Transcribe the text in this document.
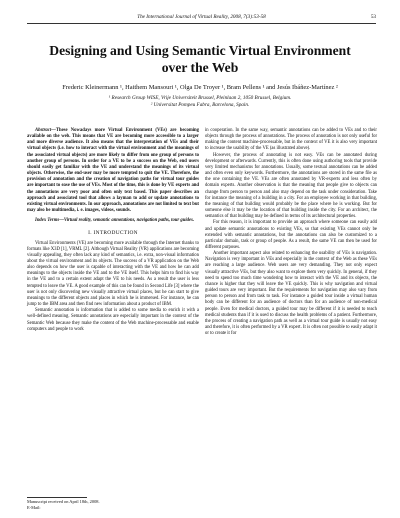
The International Journal of Virtual Reality, 2008, 7(3):53-58	53
Designing and Using Semantic Virtual Environment over the Web
Frederic Kleinermann ¹, Haithem Mansouri ¹, Olga De Troyer ¹, Bram Pellens ¹ and Jesús Ibáñez-Martínez ²
¹ Research Group WISE, Vrije Universiteit Brussel, Pleinlaan 2, 1050 Brussel, Belgium.
² Universitat Pompeu Fabra, Barcelona, Spain.
Abstract—These Nowadays more Virtual Environment (VEs) are becoming available on the web. This means that VE are becoming more accessible to a larger and more diverse audience. It also means that the interpretation of VEs and their virtual objects (i.e. how to interact with the virtual environment and the meanings of the associated virtual objects) are more likely to differ from one group of persons to another group of persons. In order for a VE to be a success on the Web, end users should easily get familiar with the VE and understand the meanings of its virtual objects. Otherwise, the end-user may be more tempted to quit the VE. Therefore, the provision of annotation and the creation of navigation paths for virtual tour guides are important to ease the use of VEs. Most of the time, this is done by VE experts and the annotations are very poor and often only text based. This paper describes an approach and associated tool that allows a layman to add or update annotations to existing virtual environments. In our approach, annotations are not limited to text but may also be multimedia, i. e. images, videos, sounds.
Index Terms—Virtual reality, semantic annotations, navigation paths, tour guides.
I. INTRODUCTION

Virtual Environments (VE) are becoming more available through the Internet thanks to formats like X3D [1], VRML [2]. Although Virtual Reality (VR) applications are becoming visually appealing, they often lack any kind of semantics, i.e. extra, non-visual information about the virtual environment and its objects. The success of a VR application on the Web also depends on how the user is capable of interacting with the VE and how he can add meanings to the objects inside the VE and to the VE itself. This helps him to find his way in the VE and to a certain extent adapt the VE to his needs. As a result the user is less tempted to leave the VE. A good example of this can be found in Second Life [3] where the user is not only discovering new visually attractive virtual places, but he can start to give meanings to the different objects and places in which he is immersed. For instance, he can jump to the IBM area and then find new information about a product of IBM.

Semantic annotation is information that is added to some media to enrich it with a well-defined meaning. Semantic annotations are especially important in the context of the Semantic Web because they make the content of the Web machine-processable and enable computers and people to work

in cooperation. In the same way, semantic annotations can be added to VEs and to their objects through the process of annotations. The process of annotation is not only useful for making the content machine-processable, but in the context of VE it is also very important to increase the usability of the VE (as illustrated above).

However, the process of annotating is not easy. VEs can be annotated during development or afterwards. Currently, this is often done using authoring tools that provide very limited mechanisms for annotations. Usually, some textual annotations can be added and often even only keywords. Furthermore, the annotations are stored in the same file as the one containing the VE. VEs are often annotated by VR-experts and less often by domain experts. Another observation is that the meaning that people give to objects can change from person to person and also may depend on the task under consideration. Take for instance the meaning of a building in a city. For an employee working in that building, the meaning of that building would probably be the place where he is working. But for someone else it may be the location of that building inside the city. For an architect, the semantics of that building may be defined in terms of its architectural properties.

For this reason, it is important to provide an approach where someone can easily add and update semantic annotations to existing VEs, so that existing VEs cannot only be extended with semantic annotations, but the annotations can also be customized to a particular domain, task or group of people. As a result, the same VE can then be used for different purposes.

Another important aspect also related to enhancing the usability of VEs is navigation. Navigation is very important in VEs and especially in the context of the Web as these VEs are reaching a large audience. Web users are very demanding. They not only expect visually attractive VEs, but they also want to explore them very quickly. In general, if they need to spend too much time wondering how to interact with the VE and its objects, the chance is higher that they will leave the VE quickly. This is why navigation and virtual guided tours are very important. But the requirements for navigation may also vary from person to person and from task to task. For instance a guided tour inside a virtual human body can be different for an audience of doctors than for an audience of non-medical people. Even for medical doctors, a guided tour may be different if it is needed to teach medical students than if it is used to discuss the health problems of a patient. Furthermore, the process of creating a navigation path as well as a virtual tour guide is usually not easy and therefore, it is often performed by a VR expert. It is often not possible to easily adapt it or to create it for

Manuscript received on April 18th, 2008.
E-Mail:
